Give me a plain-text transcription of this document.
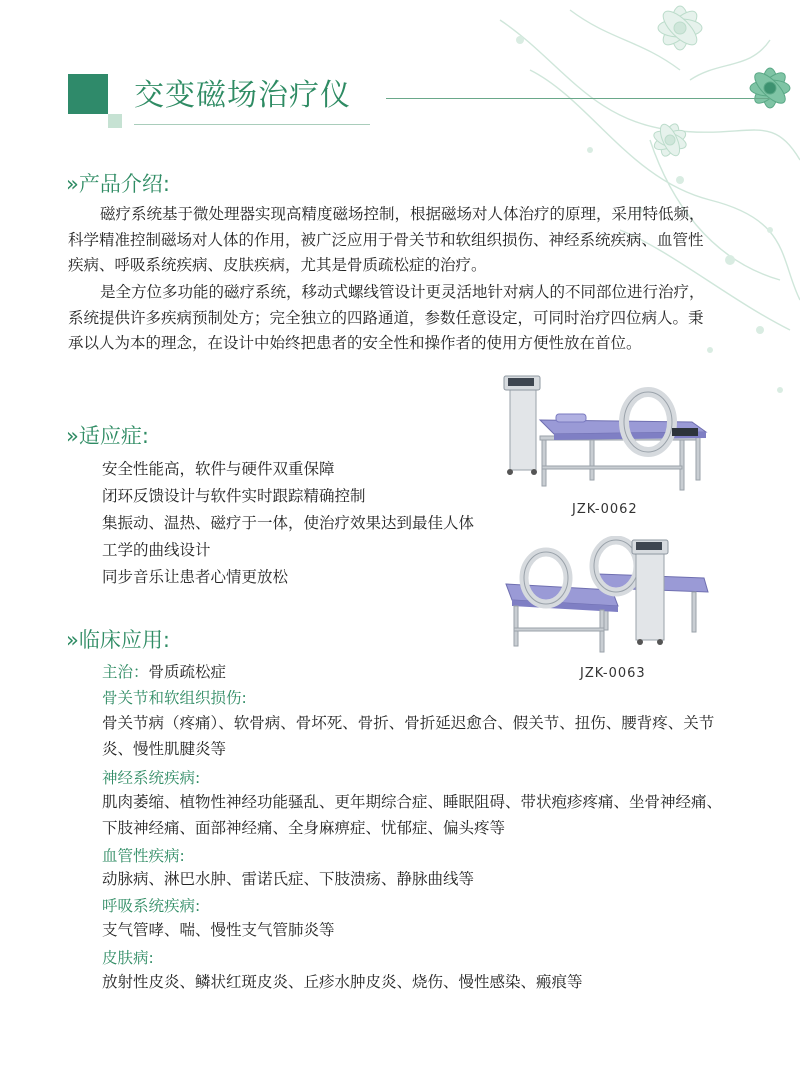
交变磁场治疗仪
»产品介绍:

磁疗系统基于微处理器实现高精度磁场控制，根据磁场对人体治疗的原理，采用特低频，科学精准控制磁场对人体的作用，被广泛应用于骨关节和软组织损伤、神经系统疾病、血管性疾病、呼吸系统疾病、皮肤疾病，尤其是骨质疏松症的治疗。

是全方位多功能的磁疗系统，移动式螺线管设计更灵活地针对病人的不同部位进行治疗，系统提供许多疾病预制处方；完全独立的四路通道，参数任意设定，可同时治疗四位病人。秉承以人为本的理念，在设计中始终把患者的安全性和操作者的使用方便性放在首位。

»适应症:
安全性能高，软件与硬件双重保障
闭环反馈设计与软件实时跟踪精确控制
集振动、温热、磁疗于一体，使治疗效果达到最佳人体工学的曲线设计
同步音乐让患者心情更放松
JZK-0062
JZK-0063
»临床应用:
主治：骨质疏松症
骨关节和软组织损伤:

骨关节病（疼痛）、软骨病、骨坏死、骨折、骨折延迟愈合、假关节、扭伤、腰背疼、关节炎、慢性肌腱炎等

神经系统疾病:

肌肉萎缩、植物性神经功能骚乱、更年期综合症、睡眠阻碍、带状疱疹疼痛、坐骨神经痛、下肢神经痛、面部神经痛、全身麻痹症、忧郁症、偏头疼等

血管性疾病:

动脉病、淋巴水肿、雷诺氏症、下肢溃疡、静脉曲线等

呼吸系统疾病:

支气管哮、喘、慢性支气管肺炎等

皮肤病:

放射性皮炎、鳞状红斑皮炎、丘疹水肿皮炎、烧伤、慢性感染、瘢痕等
